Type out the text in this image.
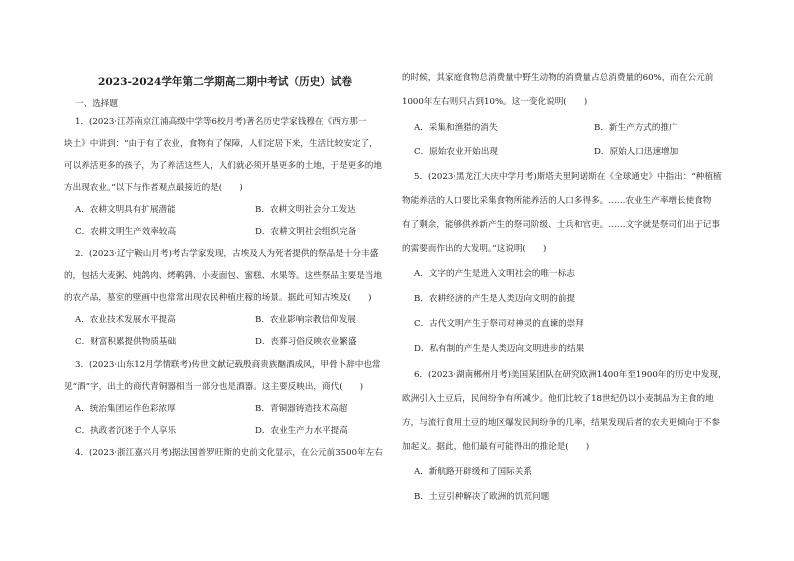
2023-2024学年第二学期高二期中考试（历史）试卷
一、选择题
1．(2023·江苏南京江浦高级中学等6校月考)著名历史学家钱穆在《西方那一
块土》中讲到：“由于有了农业，食物有了保障，人们定居下来，生活比较安定了，
可以养活更多的孩子，为了养活这些人，人们就必须开垦更多的土地，于是更多的地
方出现农业。”以下与作者观点最接近的是(　　)
A．农耕文明具有扩展潜能	B．农耕文明社会分工发达
C．农耕文明生产效率较高	D．农耕文明社会组织完备
2．(2023·辽宁鞍山月考)考古学家发现，古埃及人为死者提供的祭品是十分丰盛
的，包括大麦粥、炖鸽肉、烤鹌鹑、小麦面包、蜜糕、水果等。这些祭品主要是当地
的农产品，墓室的壁画中也常常出现农民种植庄稼的场景。据此可知古埃及(　　)
A．农业技术发展水平提高	B．农业影响宗教信仰发展
C．财富积累提供物质基础	D．丧葬习俗反映农业繁盛
3．(2023·山东12月学情联考)传世文献记载殷商贵族酗酒成风，甲骨卜辞中也常
见“酒”字，出土的商代青铜器相当一部分也是酒器。这主要反映出，商代(　　)
A．统治集团运作色彩浓厚	B．青铜器铸造技术高超
C．执政者沉迷于个人享乐	D．农业生产力水平提高
4．(2023·浙江嘉兴月考)据法国普罗旺斯的史前文化显示，在公元前3500年左右
的时候，其家庭食物总消费量中野生动物的消费量占总消费量的60%，而在公元前
1000年左右则只占到10%。这一变化说明(　　)
A．采集和渔猎的消失	B．新生产方式的推广
C．原始农业开始出现	D．原始人口迅速增加
5．(2023·黑龙江大庆中学月考)斯塔夫里阿诺斯在《全球通史》中指出：“种植植
物能养活的人口要比采集食物所能养活的人口多得多。……农业生产率增长使食物
有了剩余，能够供养新产生的祭司阶级、士兵和官吏。……文字就是祭司们出于记事
的需要而作出的大发明。”这说明(　　)
A．文字的产生是进入文明社会的唯一标志
B．农耕经济的产生是人类迈向文明的前提
C．古代文明产生于祭司对神灵的直谏的崇拜
D．私有制的产生是人类迈向文明进步的结果
6．(2023·湖南郴州月考)美国某团队在研究欧洲1400年至1900年的历史中发现，
欧洲引入土豆后，民间纷争有所减少。他们比较了18世纪仍以小麦制品为主食的地
方，与流行食用土豆的地区爆发民间纷争的几率，结果发现后者的农夫更倾向于不参
加起义。据此，他们最有可能得出的推论是(　　)
A．新航路开辟缓和了国际关系
B．土豆引种解决了欧洲的饥荒问题
